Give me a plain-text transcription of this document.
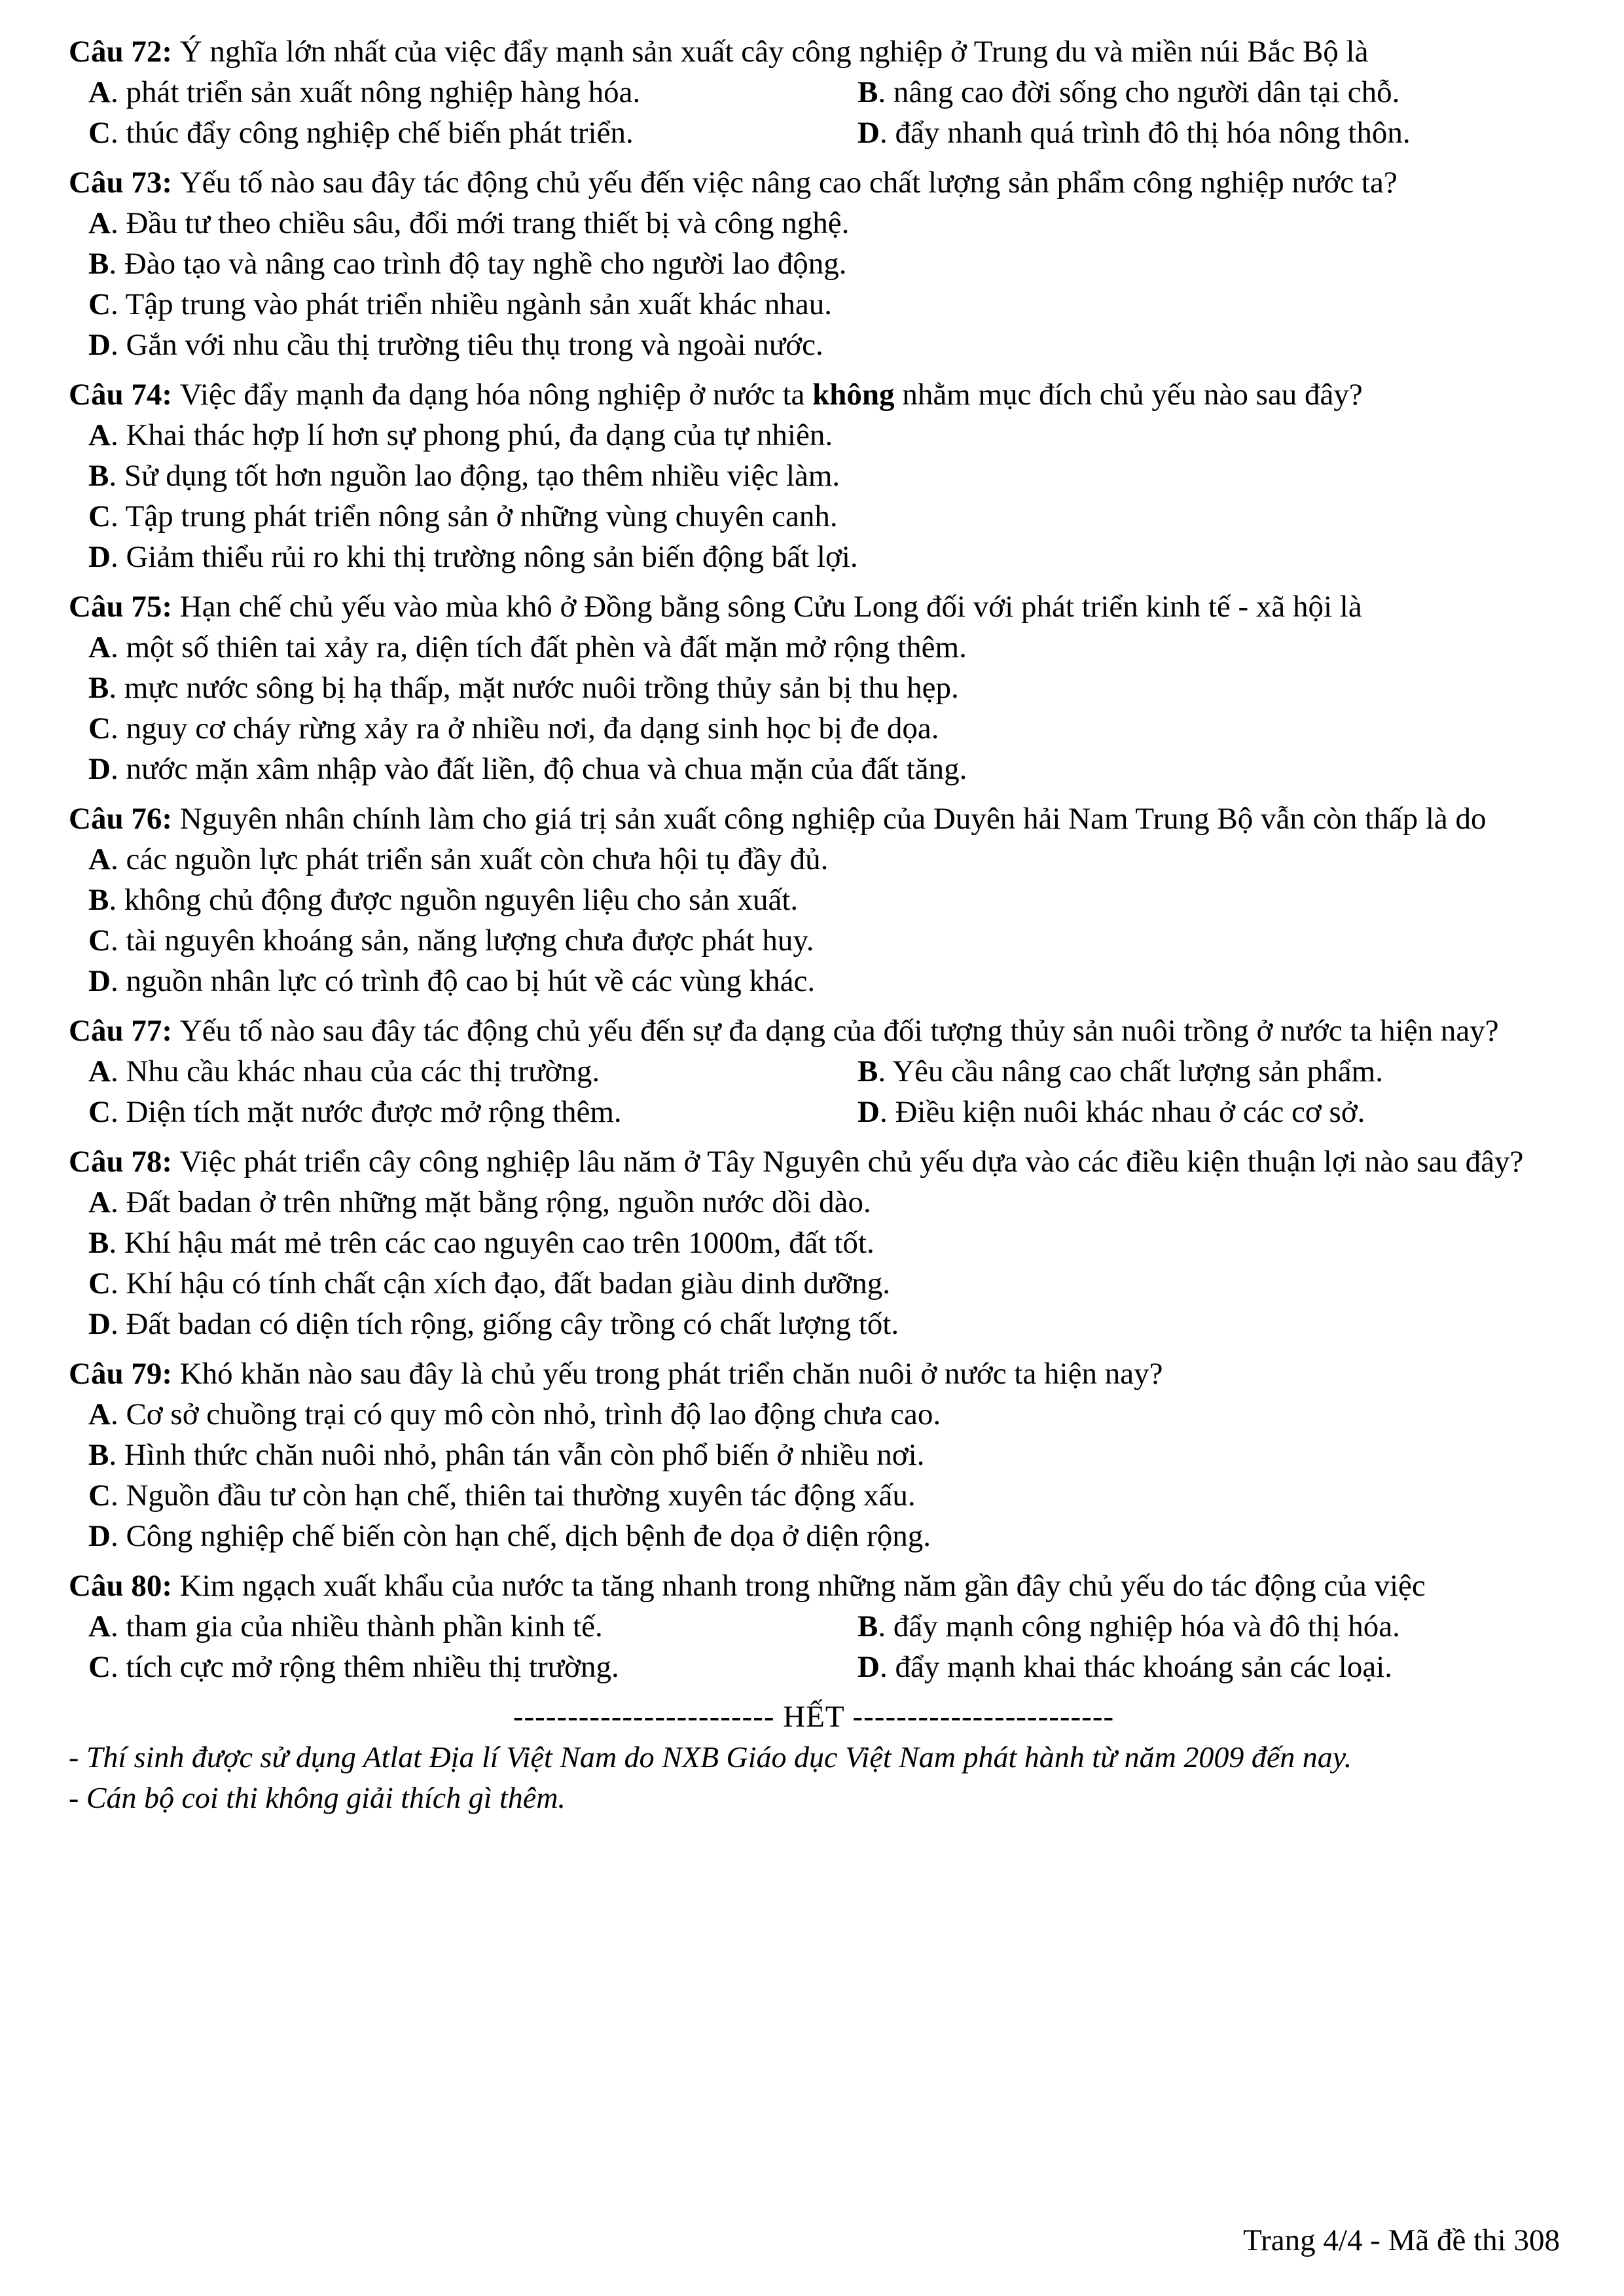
Câu 72: Ý nghĩa lớn nhất của việc đẩy mạnh sản xuất cây công nghiệp ở Trung du và miền núi Bắc Bộ là
A. phát triển sản xuất nông nghiệp hàng hóa.	B. nâng cao đời sống cho người dân tại chỗ.
C. thúc đẩy công nghiệp chế biến phát triển.	D. đẩy nhanh quá trình đô thị hóa nông thôn.
Câu 73: Yếu tố nào sau đây tác động chủ yếu đến việc nâng cao chất lượng sản phẩm công nghiệp nước ta?
A. Đầu tư theo chiều sâu, đổi mới trang thiết bị và công nghệ.
B. Đào tạo và nâng cao trình độ tay nghề cho người lao động.
C. Tập trung vào phát triển nhiều ngành sản xuất khác nhau.
D. Gắn với nhu cầu thị trường tiêu thụ trong và ngoài nước.
Câu 74: Việc đẩy mạnh đa dạng hóa nông nghiệp ở nước ta không nhằm mục đích chủ yếu nào sau đây?
A. Khai thác hợp lí hơn sự phong phú, đa dạng của tự nhiên.
B. Sử dụng tốt hơn nguồn lao động, tạo thêm nhiều việc làm.
C. Tập trung phát triển nông sản ở những vùng chuyên canh.
D. Giảm thiểu rủi ro khi thị trường nông sản biến động bất lợi.
Câu 75: Hạn chế chủ yếu vào mùa khô ở Đồng bằng sông Cửu Long đối với phát triển kinh tế - xã hội là
A. một số thiên tai xảy ra, diện tích đất phèn và đất mặn mở rộng thêm.
B. mực nước sông bị hạ thấp, mặt nước nuôi trồng thủy sản bị thu hẹp.
C. nguy cơ cháy rừng xảy ra ở nhiều nơi, đa dạng sinh học bị đe dọa.
D. nước mặn xâm nhập vào đất liền, độ chua và chua mặn của đất tăng.
Câu 76: Nguyên nhân chính làm cho giá trị sản xuất công nghiệp của Duyên hải Nam Trung Bộ vẫn còn thấp là do
A. các nguồn lực phát triển sản xuất còn chưa hội tụ đầy đủ.
B. không chủ động được nguồn nguyên liệu cho sản xuất.
C. tài nguyên khoáng sản, năng lượng chưa được phát huy.
D. nguồn nhân lực có trình độ cao bị hút về các vùng khác.
Câu 77: Yếu tố nào sau đây tác động chủ yếu đến sự đa dạng của đối tượng thủy sản nuôi trồng ở nước ta hiện nay?
A. Nhu cầu khác nhau của các thị trường.	B. Yêu cầu nâng cao chất lượng sản phẩm.
C. Diện tích mặt nước được mở rộng thêm.	D. Điều kiện nuôi khác nhau ở các cơ sở.
Câu 78: Việc phát triển cây công nghiệp lâu năm ở Tây Nguyên chủ yếu dựa vào các điều kiện thuận lợi nào sau đây?
A. Đất badan ở trên những mặt bằng rộng, nguồn nước dồi dào.
B. Khí hậu mát mẻ trên các cao nguyên cao trên 1000m, đất tốt.
C. Khí hậu có tính chất cận xích đạo, đất badan giàu dinh dưỡng.
D. Đất badan có diện tích rộng, giống cây trồng có chất lượng tốt.
Câu 79: Khó khăn nào sau đây là chủ yếu trong phát triển chăn nuôi ở nước ta hiện nay?
A. Cơ sở chuồng trại có quy mô còn nhỏ, trình độ lao động chưa cao.
B. Hình thức chăn nuôi nhỏ, phân tán vẫn còn phổ biến ở nhiều nơi.
C. Nguồn đầu tư còn hạn chế, thiên tai thường xuyên tác động xấu.
D. Công nghiệp chế biến còn hạn chế, dịch bệnh đe dọa ở diện rộng.
Câu 80: Kim ngạch xuất khẩu của nước ta tăng nhanh trong những năm gần đây chủ yếu do tác động của việc
A. tham gia của nhiều thành phần kinh tế.	B. đẩy mạnh công nghiệp hóa và đô thị hóa.
C. tích cực mở rộng thêm nhiều thị trường.	D. đẩy mạnh khai thác khoáng sản các loại.
------------------------ HẾT ------------------------
- Thí sinh được sử dụng Atlat Địa lí Việt Nam do NXB Giáo dục Việt Nam phát hành từ năm 2009 đến nay.
- Cán bộ coi thi không giải thích gì thêm.
Trang 4/4 - Mã đề thi 308
